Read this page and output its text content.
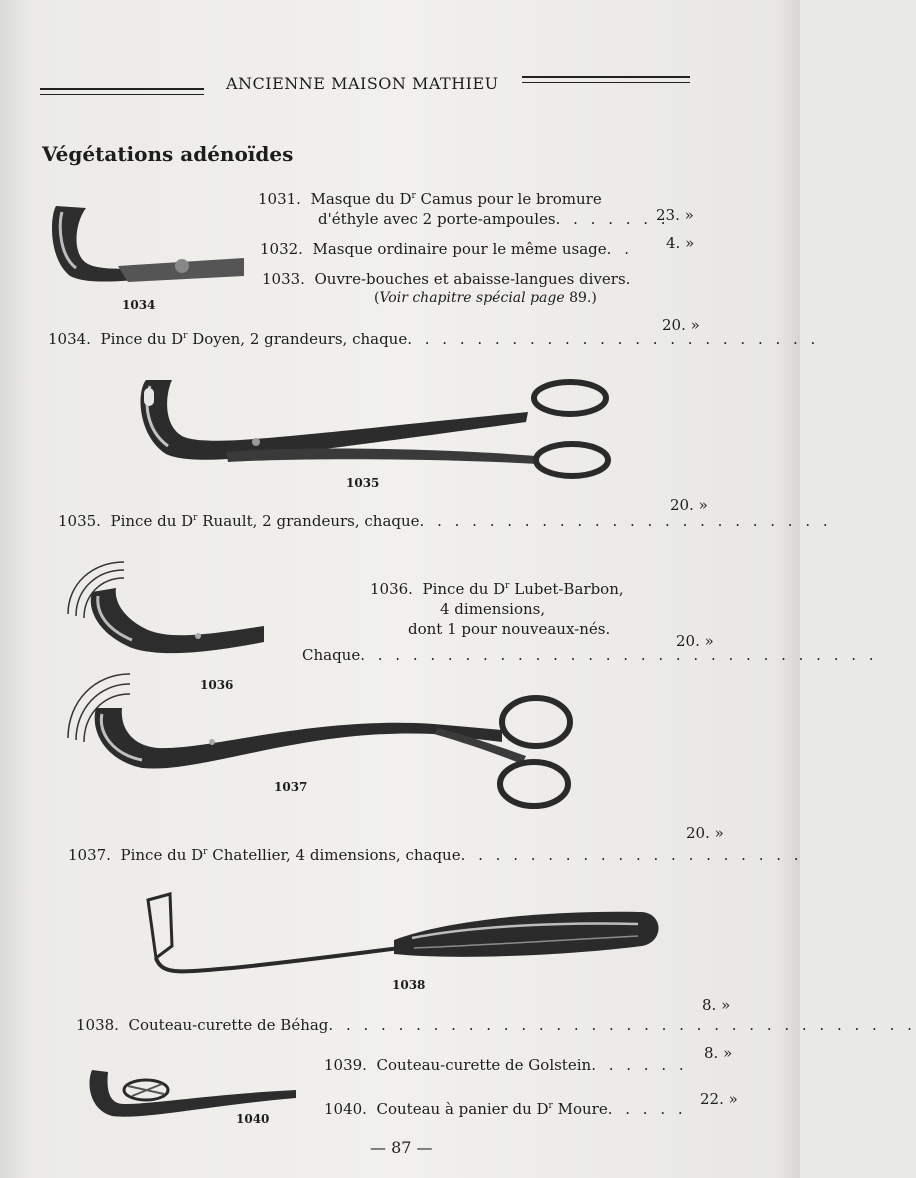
ANCIENNE MAISON MATHIEU
Végétations adénoïdes
1034
1031. Masque du $D^r$ Camus pour le bromure
d'éthyle avec 2 porte-ampoules. . . . . . .
23. »
1032. Masque ordinaire pour le même usage. . 4. »
1033. Ouvre-bouches et abaisse-langues divers.
(Voir chapitre spécial page 89.)
1034. Pince du $D^r$ Doyen, 2 grandeurs, chaque. . . . . . . . . . . . . . . . . . . . . . . .
20. »
1035
1035. Pince du $D^r$ Ruault, 2 grandeurs, chaque. . . . . . . . . . . . . . . . . . . . . . . .
20. »
1036
1036. Pince du $D^r$ Lubet-Barbon,
4 dimensions,
dont 1 pour nouveaux-nés.
Chaque. . . . . . . . . . . . . . . . . . . . . . . . . . . . . .
20. »
1037
1037. Pince du $D^r$ Chatellier, 4 dimensions, chaque. . . . . . . . . . . . . . . . . . . .
20. »
1038
1038. Couteau-curette de Béhag. . . . . . . . . . . . . . . . . . . . . . . . . . . . . . . . . .
8. »
1040
1039. Couteau-curette de Golstein. . . . . .
8. »
1040. Couteau à panier du $D^r$ Moure. . . . .
22. »
— 87 —
